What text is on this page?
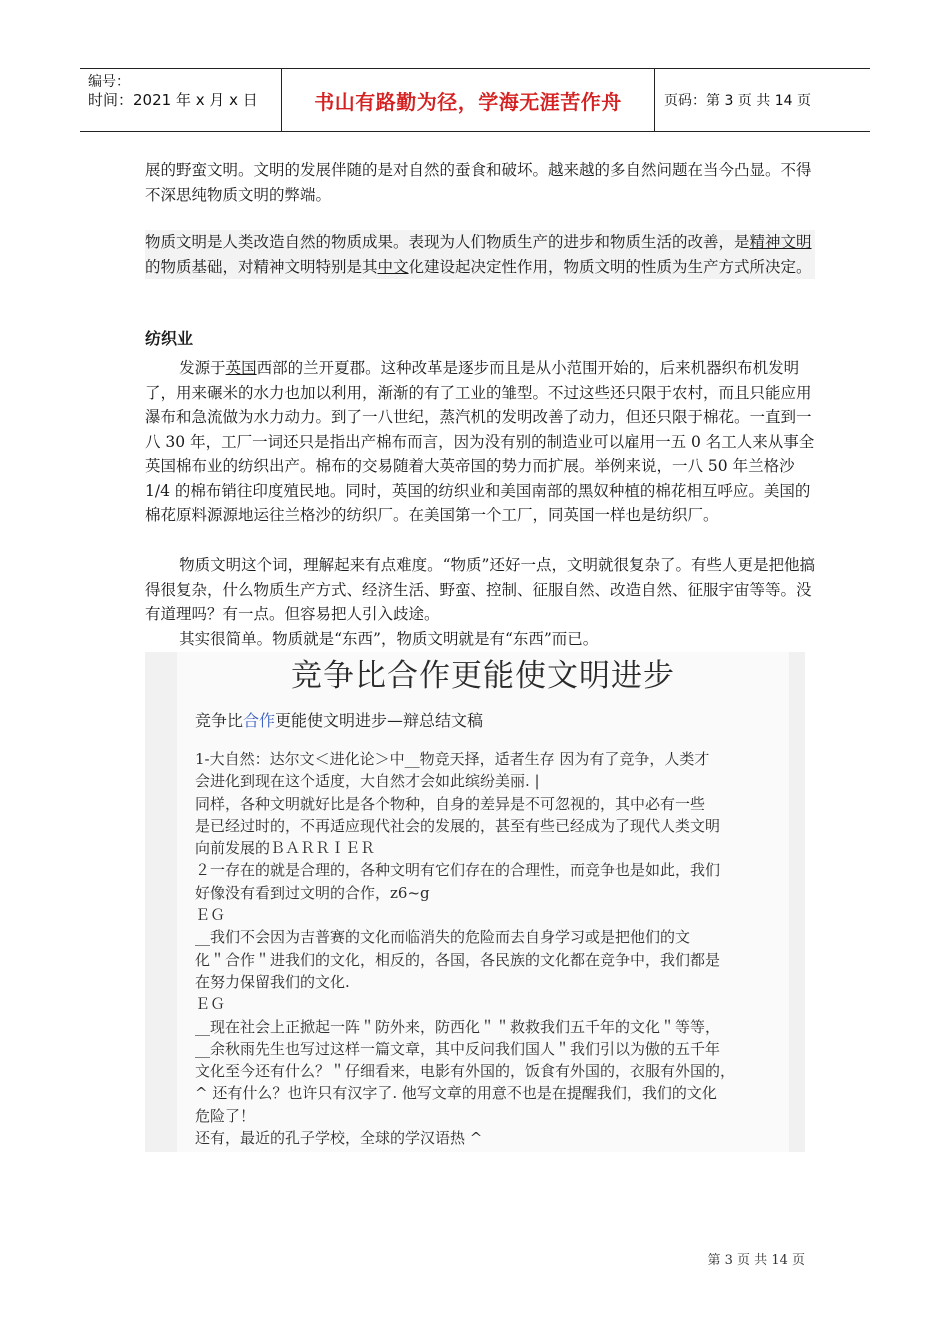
编号：
时间：2021 年 x 月 x 日	书山有路勤为径，学海无涯苦作舟	页码：第 3 页 共 14 页

展的野蛮文明。文明的发展伴随的是对自然的蚕食和破坏。越来越的多自然问题在当今凸显。不得不深思纯物质文明的弊端。

物质文明是人类改造自然的物质成果。表现为人们物质生产的进步和物质生活的改善，是精神文明的物质基础，对精神文明特别是其中文化建设起决定性作用，物质文明的性质为生产方式所决定。

纺织业

发源于英国西部的兰开夏郡。这种改革是逐步而且是从小范围开始的，后来机器织布机发明了，用来碾米的水力也加以利用，渐渐的有了工业的雏型。不过这些还只限于农村，而且只能应用瀑布和急流做为水力动力。到了一八世纪，蒸汽机的发明改善了动力，但还只限于棉花。一直到一八 30 年，工厂一词还只是指出产棉布而言，因为没有别的制造业可以雇用一五 0 名工人来从事全英国棉布业的纺织出产。棉布的交易随着大英帝国的势力而扩展。举例来说，一八 50 年兰格沙 1/4 的棉布销往印度殖民地。同时，英国的纺织业和美国南部的黑奴种植的棉花相互呼应。美国的棉花原料源源地运往兰格沙的纺织厂。在美国第一个工厂，同英国一样也是纺织厂。

物质文明这个词，理解起来有点难度。“物质”还好一点，文明就很复杂了。有些人更是把他搞得很复杂，什么物质生产方式、经济生活、野蛮、控制、征服自然、改造自然、征服宇宙等等。没有道理吗？有一点。但容易把人引入歧途。

其实很简单。物质就是“东西”，物质文明就是有“东西”而已。

竞争比合作更能使文明进步
竞争比合作更能使文明进步—辩总结文稿

1-大自然：达尔文＜进化论＞中__物竞天择，适者生存 因为有了竞争，人类才

会进化到现在这个适度，大自然才会如此缤纷美丽. |

同样，各种文明就好比是各个物种，自身的差异是不可忽视的，其中必有一些

是已经过时的，不再适应现代社会的发展的，甚至有些已经成为了现代人类文明

向前发展的ＢＡＲＲＩＥＲ

２一存在的就是合理的，各种文明有它们存在的合理性，而竞争也是如此，我们

好像没有看到过文明的合作，z6~g

ＥＧ

__我们不会因为吉普赛的文化而临消失的危险而去自身学习或是把他们的文

化＂合作＂进我们的文化，相反的，各国，各民族的文化都在竞争中，我们都是

在努力保留我们的文化.

ＥＧ

__现在社会上正掀起一阵＂防外来，防西化＂＂救救我们五千年的文化＂等等，

__余秋雨先生也写过这样一篇文章，其中反问我们国人＂我们引以为傲的五千年

文化至今还有什么？＂仔细看来，电影有外国的，饭食有外国的，衣服有外国的，

^ 还有什么？也许只有汉字了. 他写文章的用意不也是在提醒我们，我们的文化

危险了！

还有，最近的孔子学校，全球的学汉语热 ^

第 3 页 共 14 页
